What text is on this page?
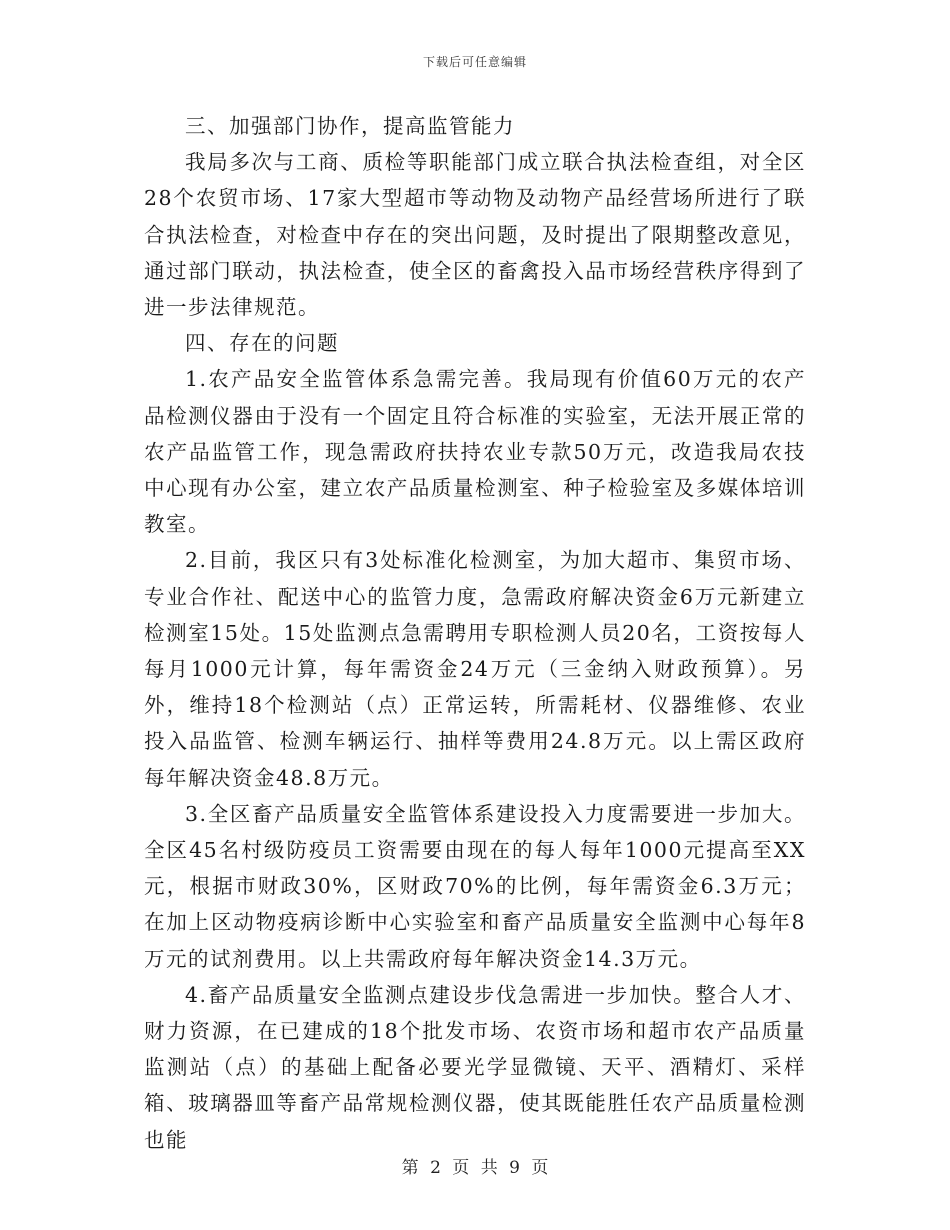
下载后可任意编辑

三、加强部门协作，提高监管能力

我局多次与工商、质检等职能部门成立联合执法检查组，对全区28个农贸市场、17家大型超市等动物及动物产品经营场所进行了联合执法检查，对检查中存在的突出问题，及时提出了限期整改意见，通过部门联动，执法检查，使全区的畜禽投入品市场经营秩序得到了进一步法律规范。

四、存在的问题

1.农产品安全监管体系急需完善。我局现有价值60万元的农产品检测仪器由于没有一个固定且符合标准的实验室，无法开展正常的农产品监管工作，现急需政府扶持农业专款50万元，改造我局农技中心现有办公室，建立农产品质量检测室、种子检验室及多媒体培训教室。

2.目前，我区只有3处标准化检测室，为加大超市、集贸市场、专业合作社、配送中心的监管力度，急需政府解决资金6万元新建立检测室15处。15处监测点急需聘用专职检测人员20名，工资按每人每月1000元计算，每年需资金24万元（三金纳入财政预算）。另外，维持18个检测站（点）正常运转，所需耗材、仪器维修、农业投入品监管、检测车辆运行、抽样等费用24.8万元。以上需区政府每年解决资金48.8万元。

3.全区畜产品质量安全监管体系建设投入力度需要进一步加大。全区45名村级防疫员工资需要由现在的每人每年1000元提高至XX元，根据市财政30%，区财政70%的比例，每年需资金6.3万元；在加上区动物疫病诊断中心实验室和畜产品质量安全监测中心每年8万元的试剂费用。以上共需政府每年解决资金14.3万元。

4.畜产品质量安全监测点建设步伐急需进一步加快。整合人才、财力资源，在已建成的18个批发市场、农资市场和超市农产品质量监测站（点）的基础上配备必要光学显微镜、天平、酒精灯、采样箱、玻璃器皿等畜产品常规检测仪器，使其既能胜任农产品质量检测也能

第 2 页 共 9 页
